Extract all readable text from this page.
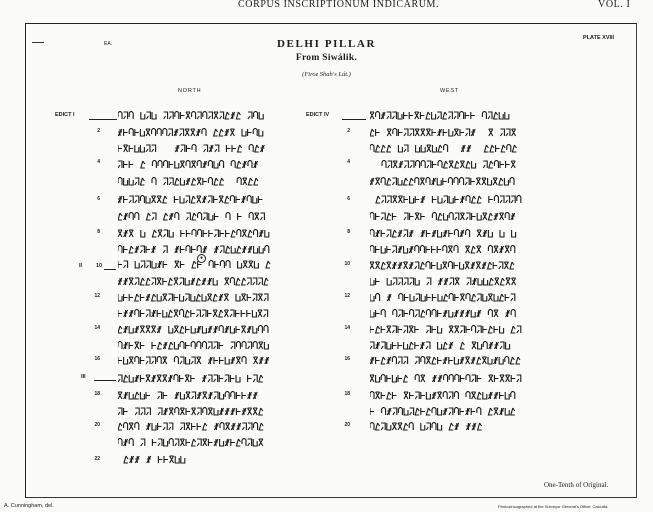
CORPUS INSCRIPTIONUM INDICARUM.	VOL. I
EA.
PLATE XVIII
DELHI PILLAR
From Siwálik.
(Firoz Shah's Lát.)
NORTH	WEST
EDICT I
II	10
III
EDICT IV
2
4
6
8
12
14
16
18
20
22
2
4
6
8
10
12
14
16
18
20
●
One-Tenth of Original.
A. Cunningham, del.	Photozincographed at the Surveyor General's Office, Calcutta.
